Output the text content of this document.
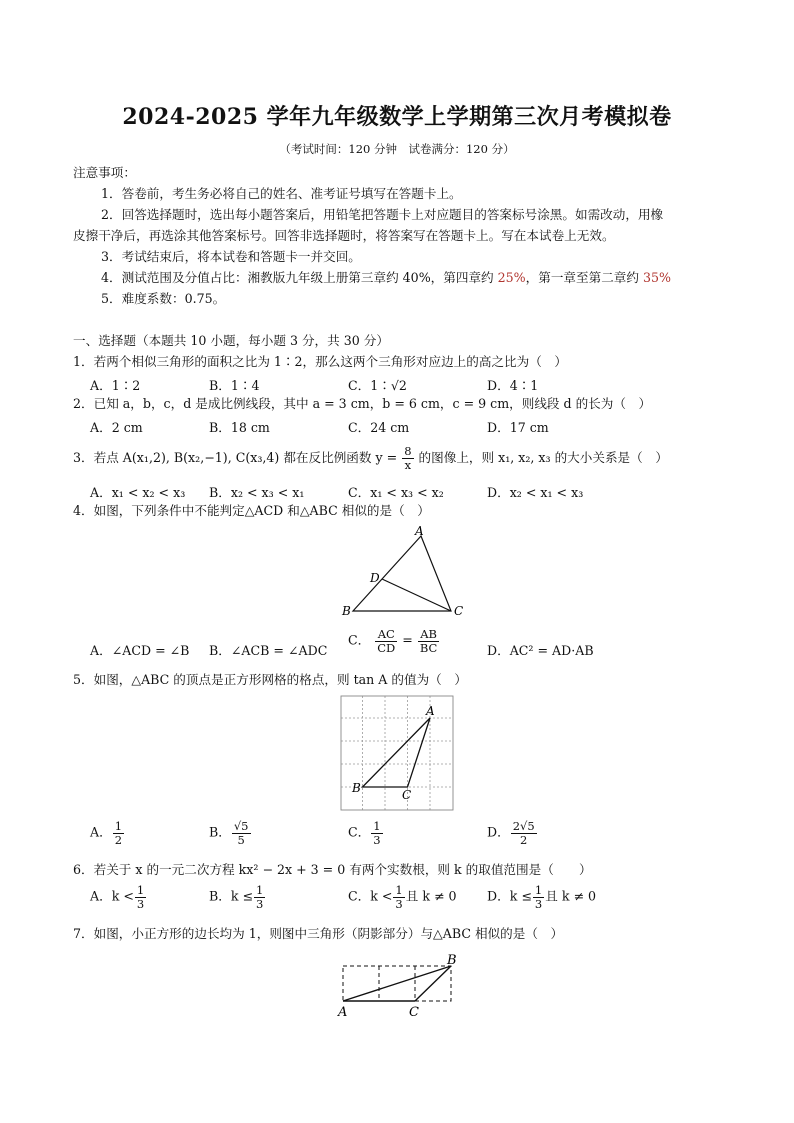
2024-2025 学年九年级数学上学期第三次月考模拟卷
（考试时间：120 分钟　试卷满分：120 分）
注意事项：
1．答卷前，考生务必将自己的姓名、准考证号填写在答题卡上。
2．回答选择题时，选出每小题答案后，用铅笔把答题卡上对应题目的答案标号涂黑。如需改动，用橡
皮擦干净后，再选涂其他答案标号。回答非选择题时，将答案写在答题卡上。写在本试卷上无效。
3．考试结束后，将本试卷和答题卡一并交回。
4．测试范围及分值占比：湘教版九年级上册第三章约 40%，第四章约 25%，第一章至第二章约 35%
5．难度系数：0.75。
一、选择题（本题共 10 小题，每小题 3 分，共 30 分）
1．若两个相似三角形的面积之比为 1∶2，那么这两个三角形对应边上的高之比为（　）
A．1∶2	B．1∶4	C．1∶√2	D．4∶1
2．已知 a，b，c，d 是成比例线段，其中 a = 3 cm，b = 6 cm，c = 9 cm，则线段 d 的长为（　）
A．2 cm	B．18 cm	C．24 cm	D．17 cm
3．若点 A(x₁,2), B(x₂,−1), C(x₃,4) 都在反比例函数 $y = \frac{8}{x}$ 的图像上，则 x₁, x₂, x₃ 的大小关系是（　）
A．x₁ < x₂ < x₃ B．x₂ < x₃ < x₁	C．x₁ < x₃ < x₂	D．x₂ < x₁ < x₃
4．如图，下列条件中不能判定△ACD 和△ABC 相似的是（　）
A
B	C
D
A．∠ACD = ∠B B．∠ACB = ∠ADC
C． $\frac{AC}{CD} = \frac{AB}{BC}$	D．AC² = AD·AB
5．如图，△ABC 的顶点是正方形网格的格点，则 tan A 的值为（　）
A
B	C
A． $\frac{1}{2}$	B． $\frac{√5}{5}$	C． $\frac{1}{3}$	D． $\frac{2√5}{2}$
6．若关于 x 的一元二次方程 kx² − 2x + 3 = 0 有两个实数根，则 k 的取值范围是（　　）
A．$k < \frac{1}{3}$	B．$k \le \frac{1}{3}$	C．$k < \frac{1}{3}$ 且 k ≠ 0 D．$k \le \frac{1}{3}$ 且 k ≠ 0
7．如图，小正方形的边长均为 1，则图中三角形（阴影部分）与△ABC 相似的是（　）
A
B
C
